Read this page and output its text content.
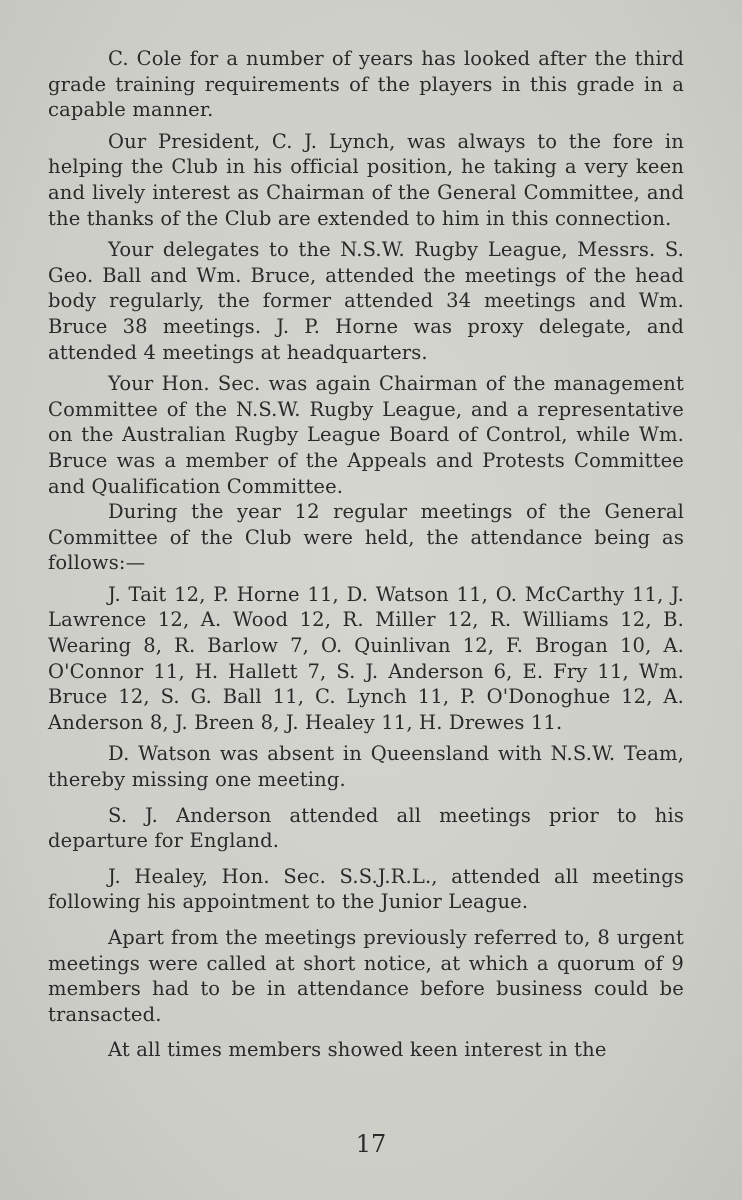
C. Cole for a number of years has looked after the third grade training requirements of the players in this grade in a capable manner.

Our President, C. J. Lynch, was always to the fore in helping the Club in his official position, he taking a very keen and lively interest as Chairman of the General Committee, and the thanks of the Club are extended to him in this connection.

Your delegates to the N.S.W. Rugby League, Messrs. S. Geo. Ball and Wm. Bruce, attended the meetings of the head body regularly, the former attended 34 meetings and Wm. Bruce 38 meetings. J. P. Horne was proxy delegate, and attended 4 meetings at headquarters.

Your Hon. Sec. was again Chairman of the management Committee of the N.S.W. Rugby League, and a representative on the Australian Rugby League Board of Control, while Wm. Bruce was a member of the Appeals and Protests Committee and Qualification Committee.

During the year 12 regular meetings of the General Committee of the Club were held, the attendance being as follows:—

J. Tait 12, P. Horne 11, D. Watson 11, O. McCarthy 11, J. Lawrence 12, A. Wood 12, R. Miller 12, R. Williams 12, B. Wearing 8, R. Barlow 7, O. Quinlivan 12, F. Brogan 10, A. O'Connor 11, H. Hallett 7, S. J. Anderson 6, E. Fry 11, Wm. Bruce 12, S. G. Ball 11, C. Lynch 11, P. O'Donoghue 12, A. Anderson 8, J. Breen 8, J. Healey 11, H. Drewes 11.

D. Watson was absent in Queensland with N.S.W. Team, thereby missing one meeting.

S. J. Anderson attended all meetings prior to his departure for England.

J. Healey, Hon. Sec. S.S.J.R.L., attended all meetings following his appointment to the Junior League.

Apart from the meetings previously referred to, 8 urgent meetings were called at short notice, at which a quorum of 9 members had to be in attendance before business could be transacted.

At all times members showed keen interest in the

17
